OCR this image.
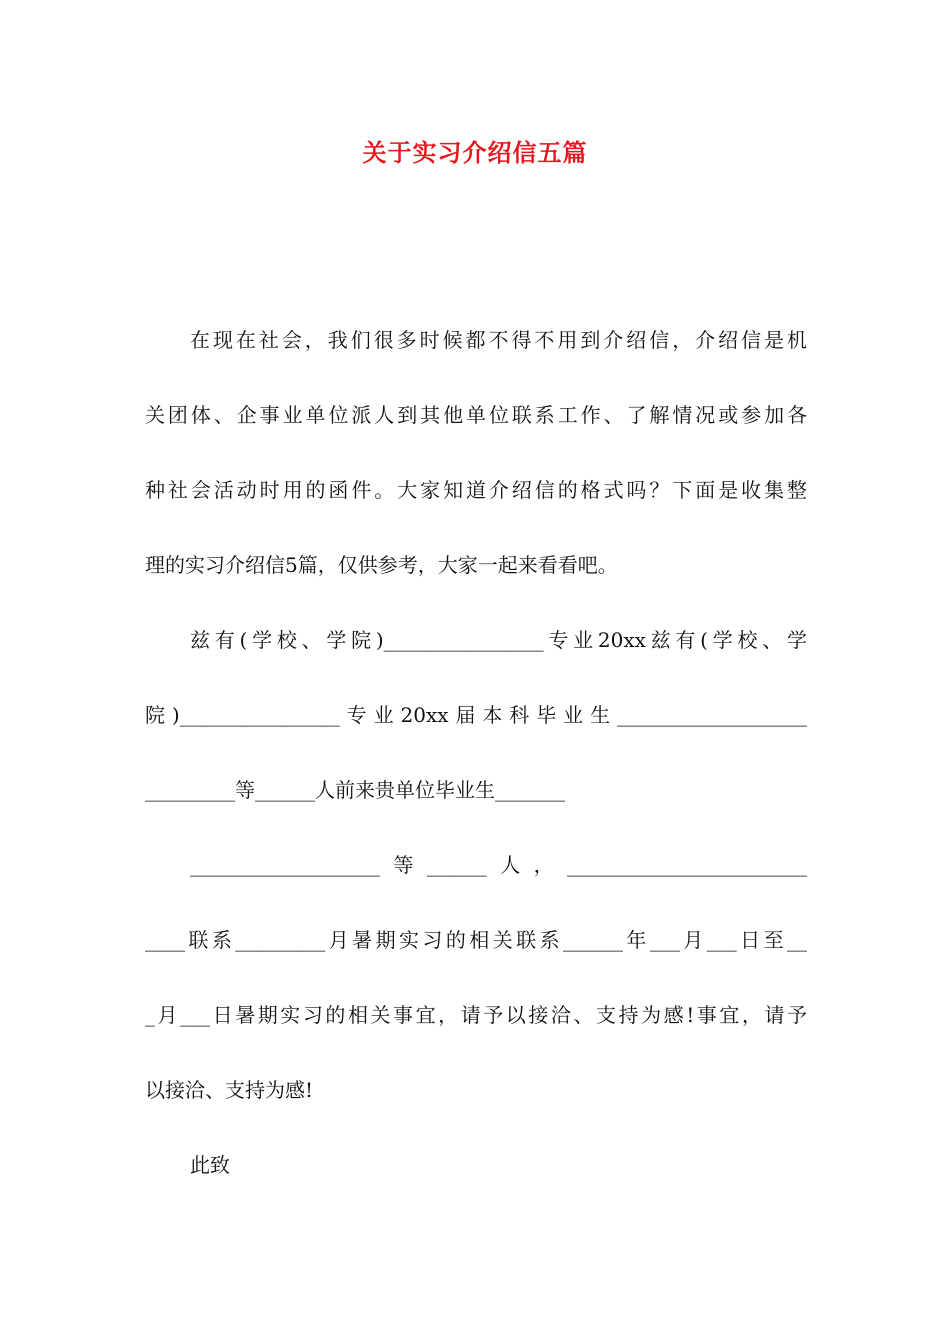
关于实习介绍信五篇
在现在社会，我们很多时候都不得不用到介绍信，介绍信是机
关团体、企事业单位派人到其他单位联系工作、了解情况或参加各
种社会活动时用的函件。大家知道介绍信的格式吗？下面是收集整
理的实习介绍信5篇，仅供参考，大家一起来看看吧。
兹有(学校、学院)________________专业20xx兹有(学校、学
院)________________专业20xx届本科毕业生___________________
_________等______人前来贵单位毕业生_______
___________________等______人，________________________
____联系_________月暑期实习的相关联系______年___月___日至__
_月___日暑期实习的相关事宜，请予以接洽、支持为感!事宜，请予
以接洽、支持为感!
此致
